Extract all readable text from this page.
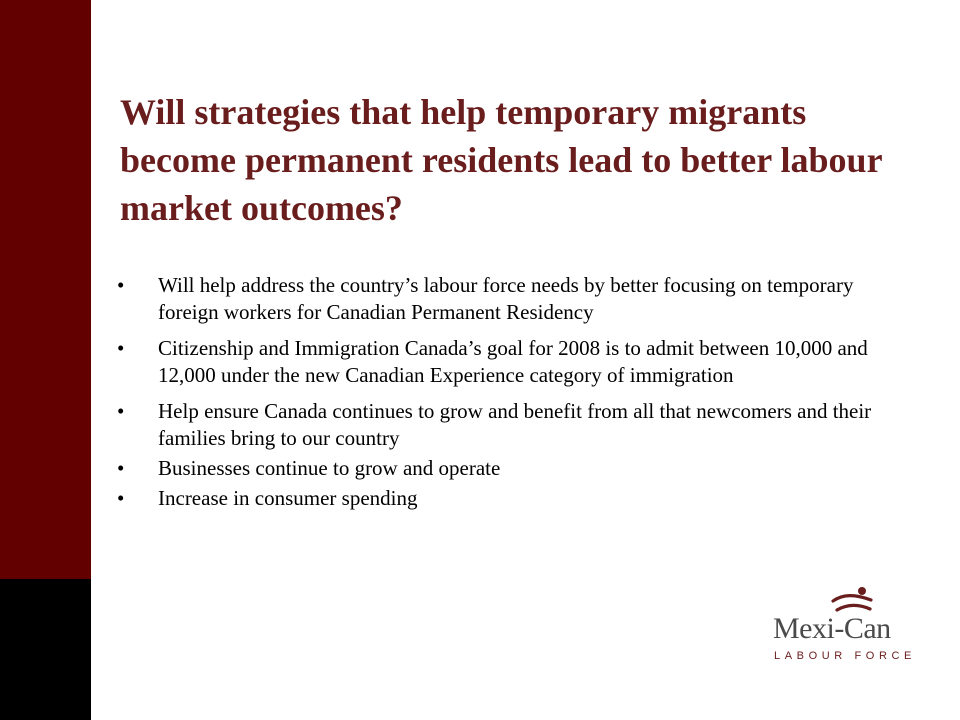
Will strategies that help temporary migrants become permanent residents lead to better labour market outcomes?
• Will help address the country’s labour force needs by better focusing on temporary foreign workers for Canadian Permanent Residency
• Citizenship and Immigration Canada’s goal for 2008 is to admit between 10,000 and 12,000 under the new Canadian Experience category of immigration
• Help ensure Canada continues to grow and benefit from all that newcomers and their families bring to our country
• Businesses continue to grow and operate
• Increase in consumer spending

Mexi-Can

LABOUR FORCE
